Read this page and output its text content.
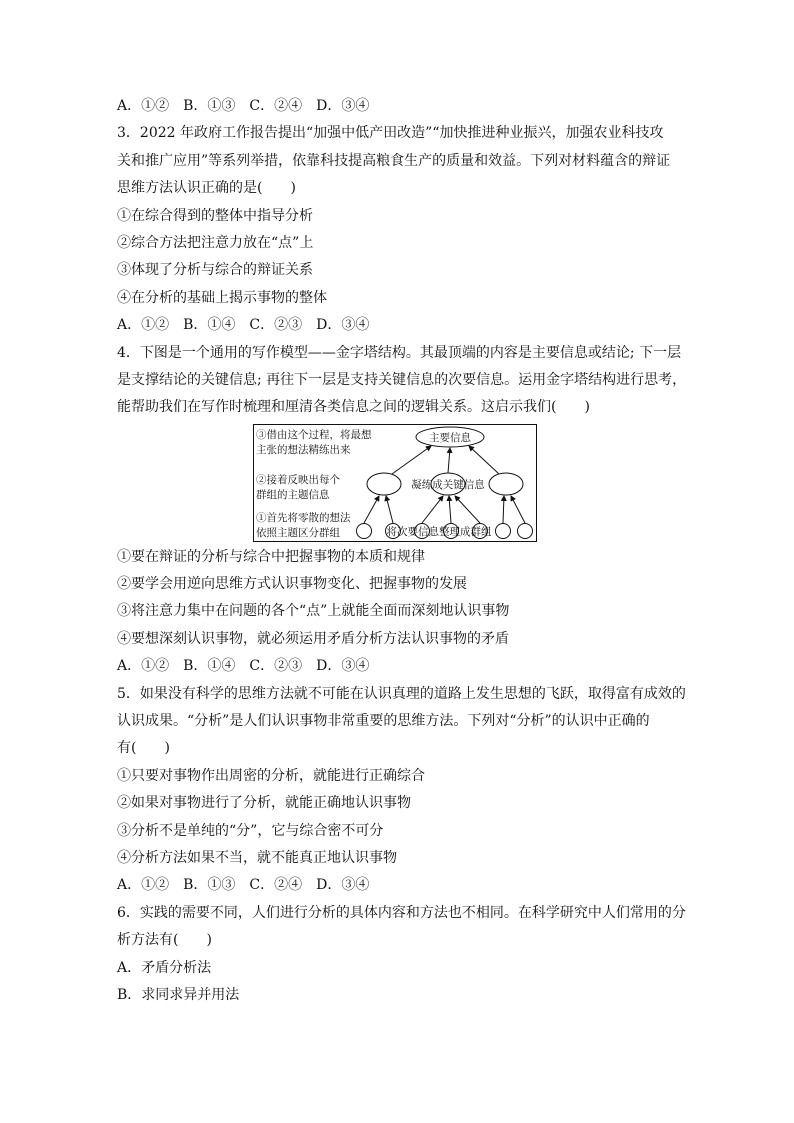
A．①②　B．①③　C．②④　D．③④
3．2022 年政府工作报告提出“加强中低产田改造”“加快推进种业振兴，加强农业科技攻
关和推广应用”等系列举措，依靠科技提高粮食生产的质量和效益。下列对材料蕴含的辩证
思维方法认识正确的是(　　)
①在综合得到的整体中指导分析
②综合方法把注意力放在“点”上
③体现了分析与综合的辩证关系
④在分析的基础上揭示事物的整体
A．①②　B．①④　C．②③　D．③④
4．下图是一个通用的写作模型——金字塔结构。其最顶端的内容是主要信息或结论; 下一层
是支撑结论的关键信息; 再往下一层是支持关键信息的次要信息。运用金字塔结构进行思考，
能帮助我们在写作时梳理和厘清各类信息之间的逻辑关系。这启示我们(　　)
③借由这个过程，将最想
主张的想法精练出来
②接着反映出每个
群组的主题信息
①首先将零散的想法
依照主题区分群组
主要信息
凝练成关键信息
将次要信息整理成群组
①要在辩证的分析与综合中把握事物的本质和规律
②要学会用逆向思维方式认识事物变化、把握事物的发展
③将注意力集中在问题的各个“点”上就能全面而深刻地认识事物
④要想深刻认识事物，就必须运用矛盾分析方法认识事物的矛盾
A．①②　B．①④　C．②③　D．③④
5．如果没有科学的思维方法就不可能在认识真理的道路上发生思想的飞跃，取得富有成效的
认识成果。“分析”是人们认识事物非常重要的思维方法。下列对“分析”的认识中正确的
有(　　)
①只要对事物作出周密的分析，就能进行正确综合
②如果对事物进行了分析，就能正确地认识事物
③分析不是单纯的“分”，它与综合密不可分
④分析方法如果不当，就不能真正地认识事物
A．①②　B．①③　C．②④　D．③④
6．实践的需要不同，人们进行分析的具体内容和方法也不相同。在科学研究中人们常用的分
析方法有(　　)
A．矛盾分析法
B．求同求异并用法
